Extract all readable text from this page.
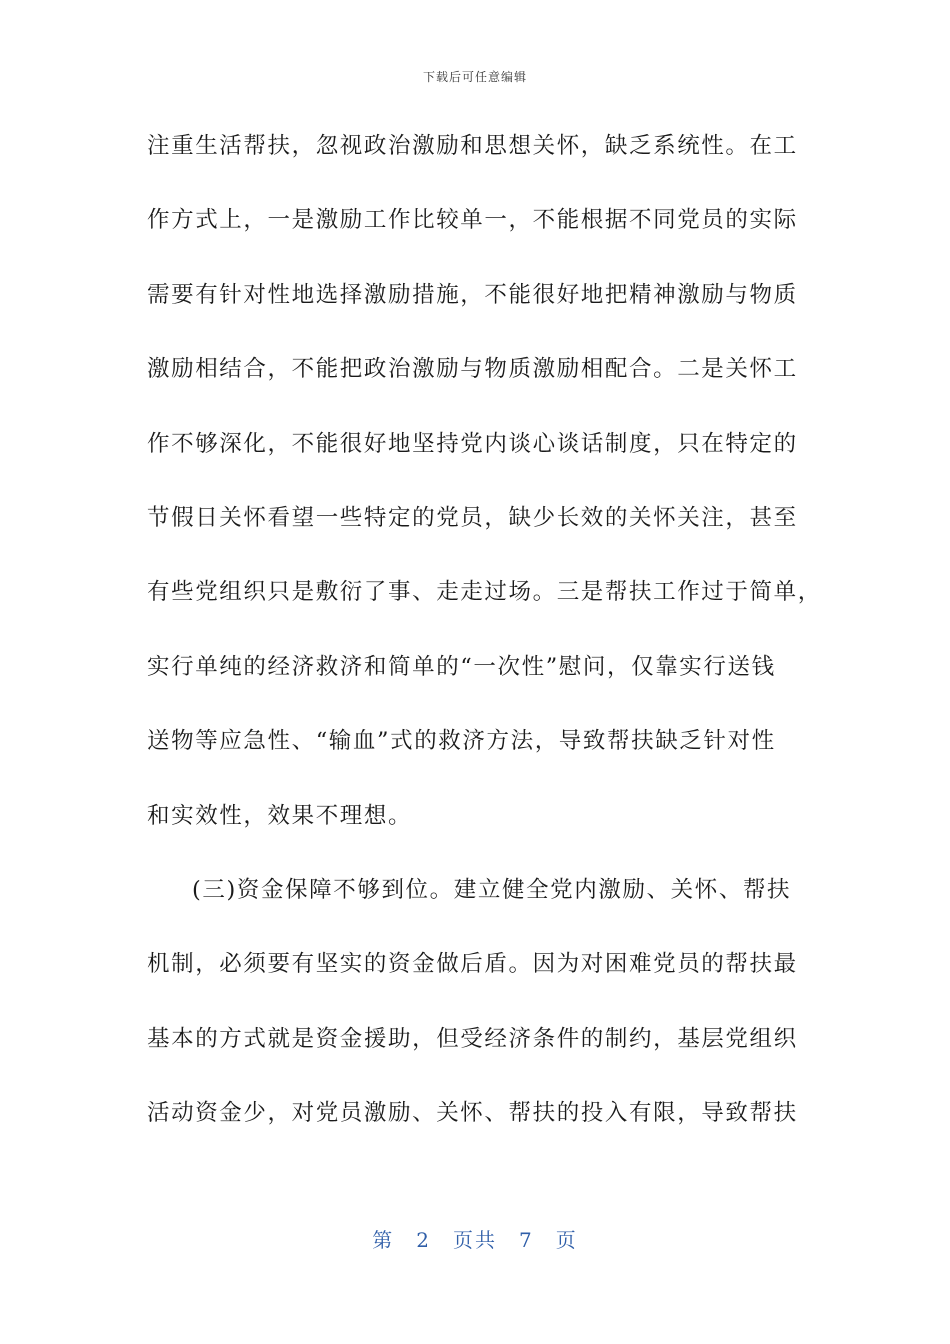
下载后可任意编辑
注重生活帮扶，忽视政治激励和思想关怀，缺乏系统性。在工
作方式上，一是激励工作比较单一，不能根据不同党员的实际
需要有针对性地选择激励措施，不能很好地把精神激励与物质
激励相结合，不能把政治激励与物质激励相配合。二是关怀工
作不够深化，不能很好地坚持党内谈心谈话制度，只在特定的
节假日关怀看望一些特定的党员，缺少长效的关怀关注，甚至
有些党组织只是敷衍了事、走走过场。三是帮扶工作过于简单，
实行单纯的经济救济和简单的“一次性”慰问，仅靠实行送钱
送物等应急性、“输血”式的救济方法，导致帮扶缺乏针对性
和实效性，效果不理想。
(三)资金保障不够到位。建立健全党内激励、关怀、帮扶
机制，必须要有坚实的资金做后盾。因为对困难党员的帮扶最
基本的方式就是资金援助，但受经济条件的制约，基层党组织
活动资金少，对党员激励、关怀、帮扶的投入有限，导致帮扶
第 2 页共 7 页
